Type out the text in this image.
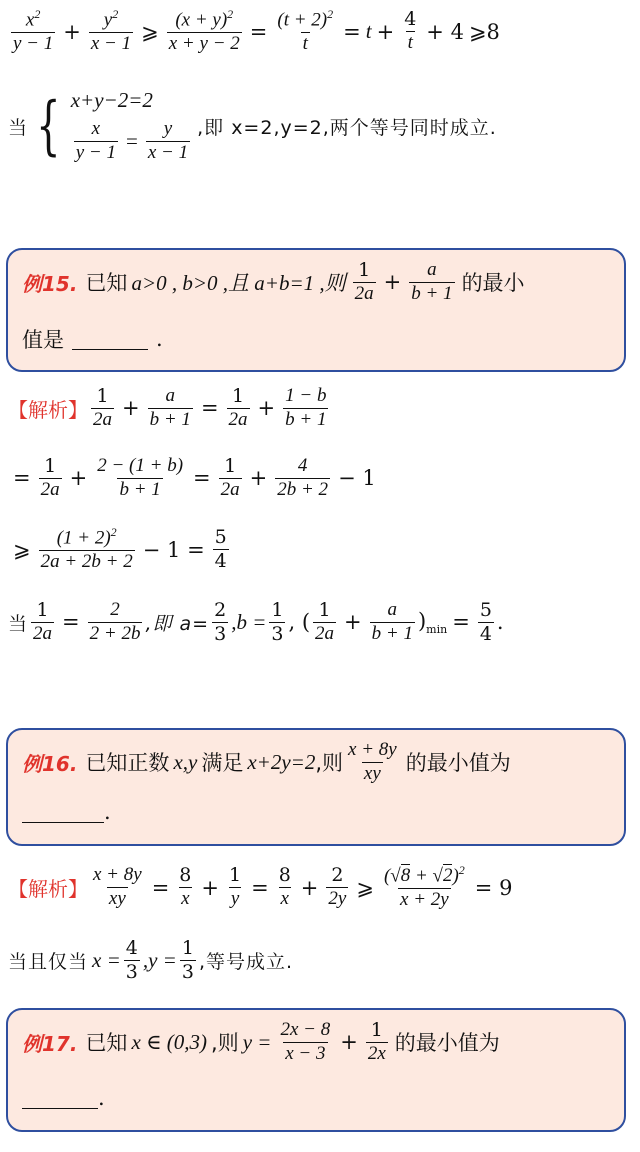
$\frac{x^2}{y - 1} + \frac{y^2}{x - 1}$ ⩾ $\frac{(x + y)^2}{x + y - 2} = \frac{(t + 2)^2}{t} = t + \frac{4}{t} + 4$ ⩾8
当 { x+y−2=2
$\frac{x}{y - 1} = \frac{y}{x - 1}$ ,即 x=2,y=2,两个等号同时成立.
例15. 已知 a>0 , b>0 ,且 a+b=1 ,则 $\frac{1}{2a} + \frac{a}{b + 1}$ 的最小
值是	.
【解析】 $\frac{1}{2a} + \frac{a}{b + 1} = \frac{1}{2a} + \frac{1 - b}{b + 1}$
= $\frac{1}{2a} + \frac{2 - (1 + b)}{b + 1} = \frac{1}{2a} + \frac{4}{2b + 2} - 1$
⩾ $\frac{(1 + 2)^2}{2a + 2b + 2} - 1 = \frac{5}{4}$
当 $\frac{1}{2a} = \frac{2}{2 + 2b}$ ,即 $a= \frac{2}{3} ,b = \frac{1}{3}$ , ( $\frac{1}{2a} + \frac{a}{b + 1} )_{min} = \frac{5}{4}$ .
例16. 已知正数 x,y 满足 x+2y=2 ,则 $\frac{x + 8y}{xy}$ 的最小值为
.
【解析】 $\frac{x + 8y}{xy} = \frac{8}{x} + \frac{1}{y} = \frac{8}{x} + \frac{2}{2y}$ ⩾ $\frac{(√8 + √2)^2}{x + 2y} = 9$
当且仅当 $x = \frac{4}{3} ,y = \frac{1}{3}$ ,等号成立.
例17. 已知 x ∈ (0,3) ,则 $y = \frac{2x - 8}{x - 3} + \frac{1}{2x}$ 的最小值为
.
